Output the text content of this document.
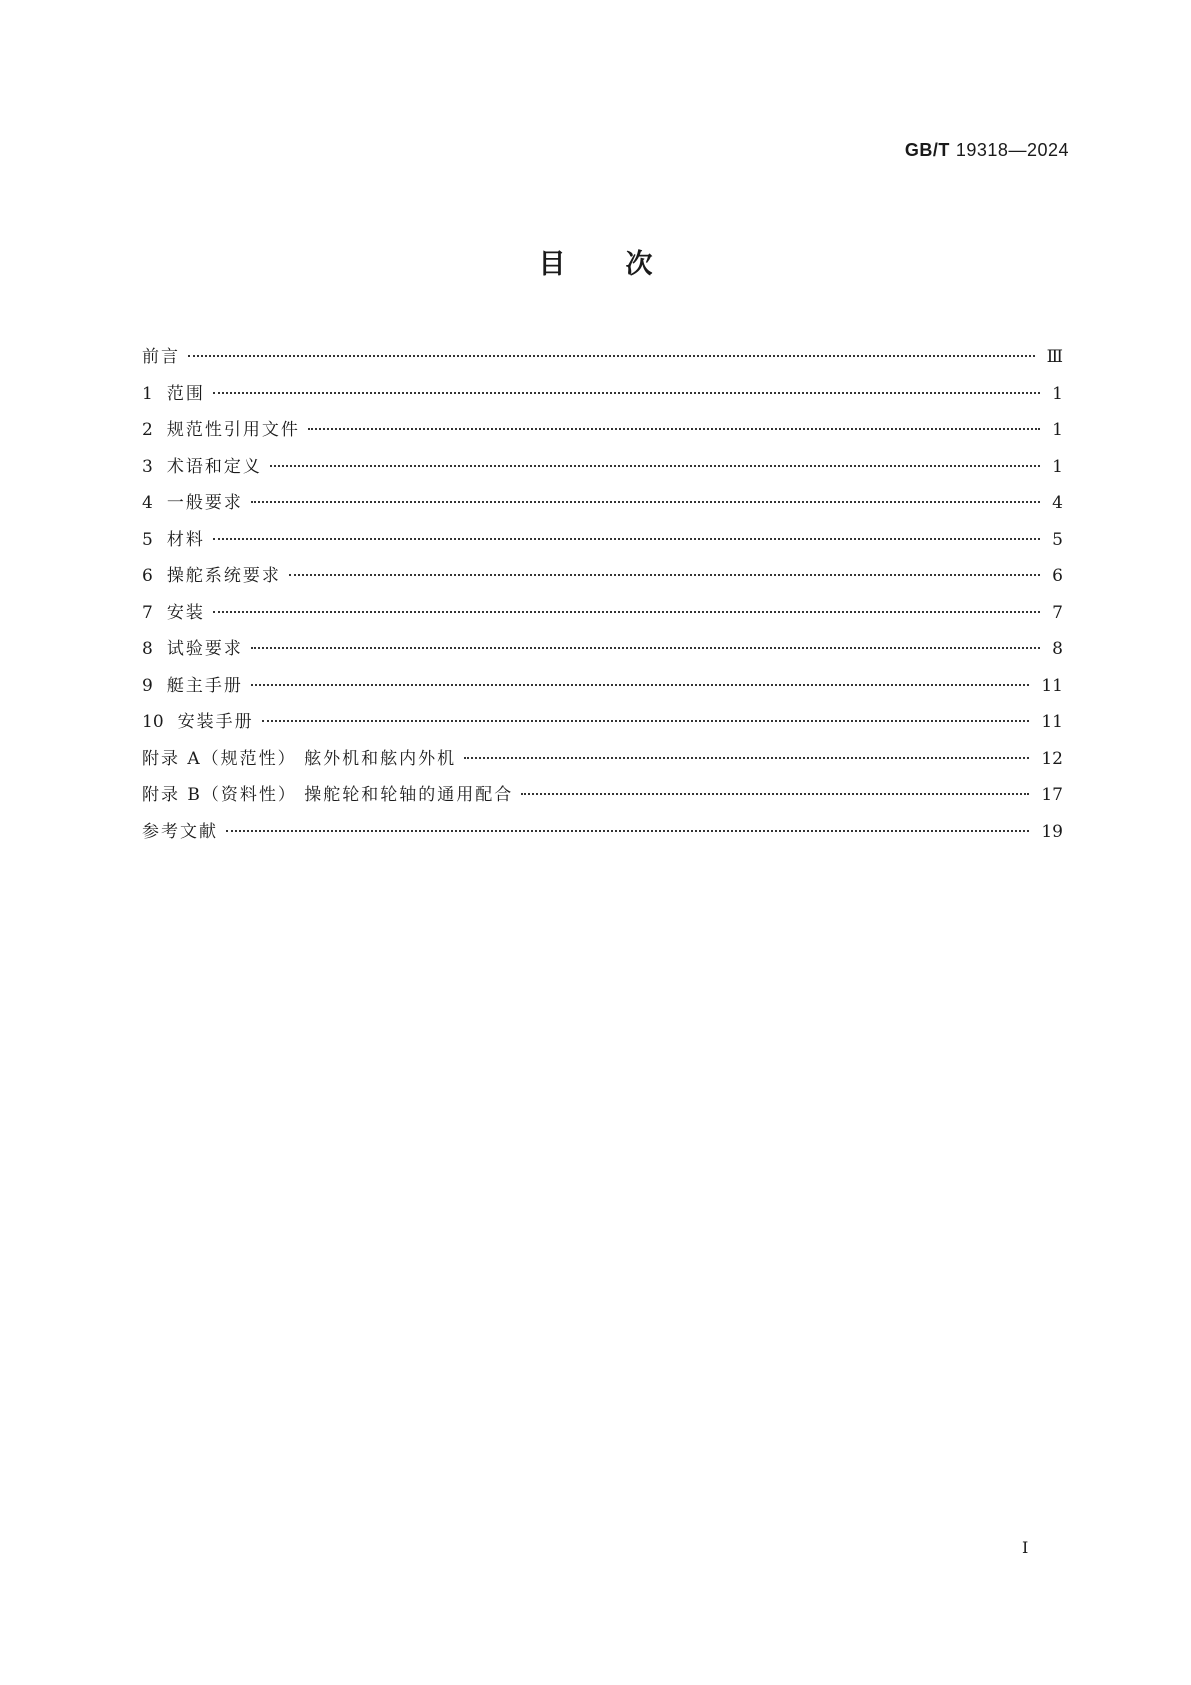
GB/T 19318—2024
目次
前言	Ⅲ
1 范围	1
2 规范性引用文件	1
3 术语和定义	1
4 一般要求	4
5 材料	5
6 操舵系统要求	6
7 安装	7
8 试验要求	8
9 艇主手册	11
10 安装手册	11
附录 A（规范性） 舷外机和舷内外机	12
附录 B（资料性） 操舵轮和轮轴的通用配合	17
参考文献	19
Ⅰ
